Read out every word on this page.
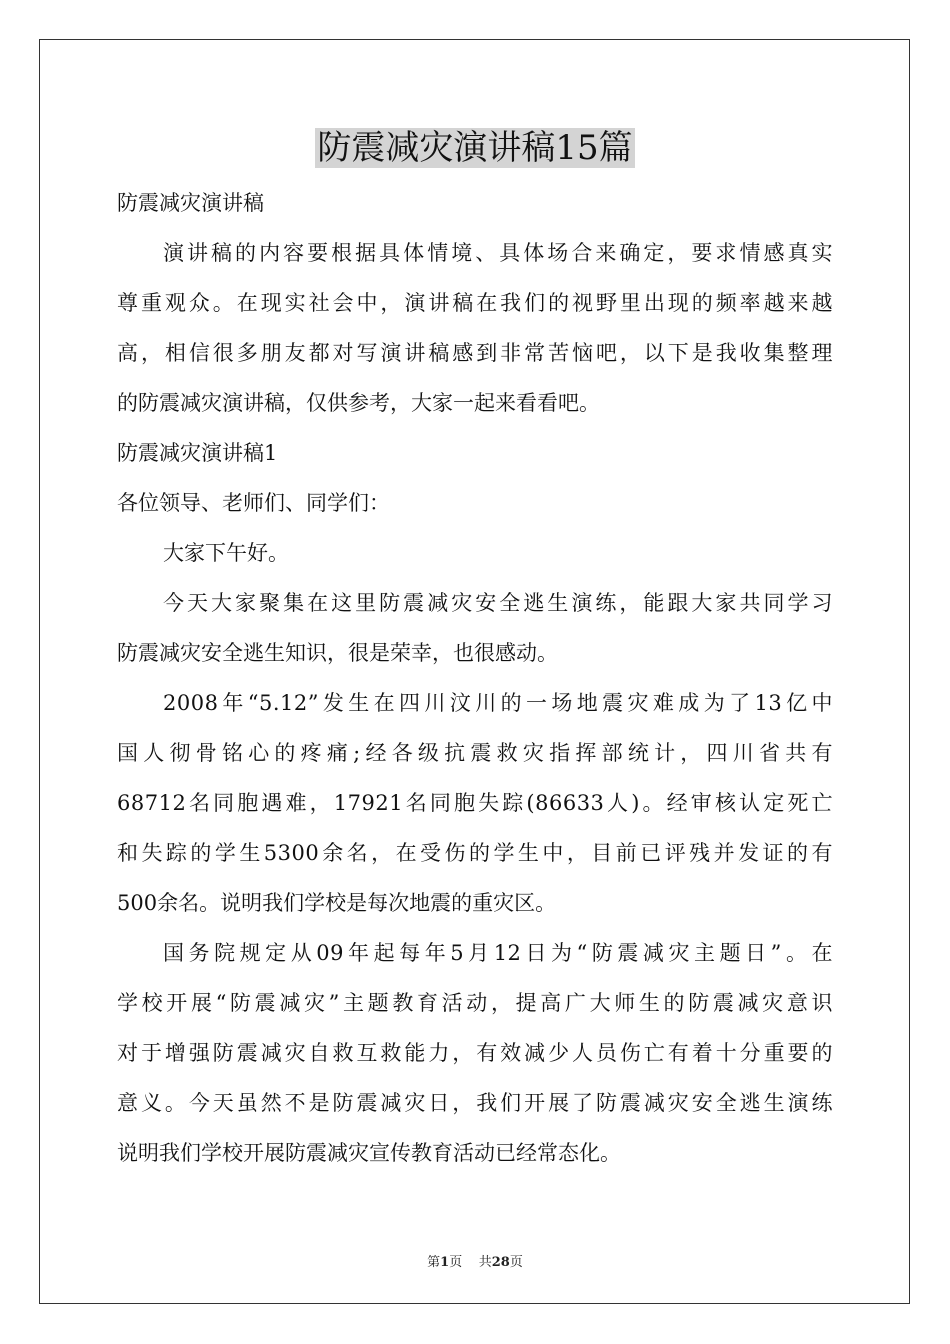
防震减灾演讲稿15篇
防震减灾演讲稿
演讲稿的内容要根据具体情境、具体场合来确定，要求情感真实
尊重观众。在现实社会中，演讲稿在我们的视野里出现的频率越来越
高，相信很多朋友都对写演讲稿感到非常苦恼吧，以下是我收集整理
的防震减灾演讲稿，仅供参考，大家一起来看看吧。
防震减灾演讲稿1
各位领导、老师们、同学们：
大家下午好。
今天大家聚集在这里防震减灾安全逃生演练，能跟大家共同学习
防震减灾安全逃生知识，很是荣幸，也很感动。
2008年“5.12”发生在四川汶川的一场地震灾难成为了13亿中
国人彻骨铭心的疼痛;经各级抗震救灾指挥部统计，四川省共有
68712名同胞遇难，17921名同胞失踪(86633人)。经审核认定死亡
和失踪的学生5300余名，在受伤的学生中，目前已评残并发证的有
500余名。说明我们学校是每次地震的重灾区。
国务院规定从09年起每年5月12日为“防震减灾主题日”。在
学校开展“防震减灾”主题教育活动，提高广大师生的防震减灾意识
对于增强防震减灾自救互救能力，有效减少人员伤亡有着十分重要的
意义。今天虽然不是防震减灾日，我们开展了防震减灾安全逃生演练
说明我们学校开展防震减灾宣传教育活动已经常态化。
第1页 共28页
